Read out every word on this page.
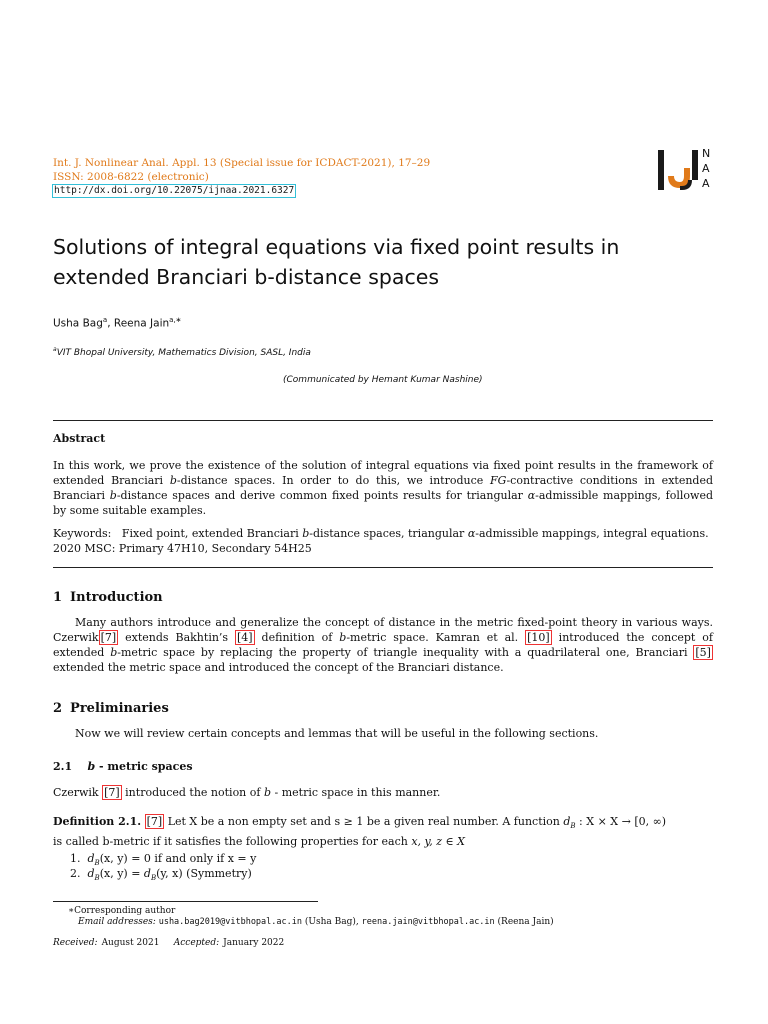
Int. J. Nonlinear Anal. Appl. 13 (Special issue for ICDACT-2021), 17–29
ISSN: 2008-6822 (electronic)
http://dx.doi.org/10.22075/ijnaa.2021.6327
N
A
A
Solutions of integral equations via fixed point results in
extended Branciari b-distance spaces
Usha Bag$^a$, Reena Jain$^{a,∗}$
$^a$VIT Bhopal University, Mathematics Division, SASL, India
(Communicated by Hemant Kumar Nashine)
Abstract
In this work, we prove the existence of the solution of integral equations via fixed point results in the framework of extended Branciari b-distance spaces. In order to do this, we introduce FG-contractive conditions in extended Branciari b-distance spaces and derive common fixed points results for triangular α-admissible mappings, followed by some suitable examples.
Keywords: Fixed point, extended Branciari b-distance spaces, triangular α-admissible mappings, integral equations.
2020 MSC: Primary 47H10, Secondary 54H25
1 Introduction
Many authors introduce and generalize the concept of distance in the metric fixed-point theory in various ways. Czerwik [7] extends Bakhtin’s [4] definition of b-metric space. Kamran et al. [10] introduced the concept of extended b-metric space by replacing the property of triangle inequality with a quadrilateral one, Branciari [5] extended the metric space and introduced the concept of the Branciari distance.
2 Preliminaries
Now we will review certain concepts and lemmas that will be useful in the following sections.
2.1 b - metric spaces
Czerwik [7] introduced the notion of b - metric space in this manner.
Definition 2.1. [7] Let X be a non empty set and s ≥ 1 be a given real number. A function $d_B$ : X × X → [0, ∞)
is called b-metric if it satisfies the following properties for each x, y, z ∈ X
1. $d_B(x$, y) = 0 if and only if x = y
2. $d_B(x$, $y) = d_B(y$, x) (Symmetry)
∗Corresponding author
Email addresses: usha.bag2019@vitbhopal.ac.in (Usha Bag), reena.jain@vitbhopal.ac.in (Reena Jain)
Received: August 2021 Accepted: January 2022
